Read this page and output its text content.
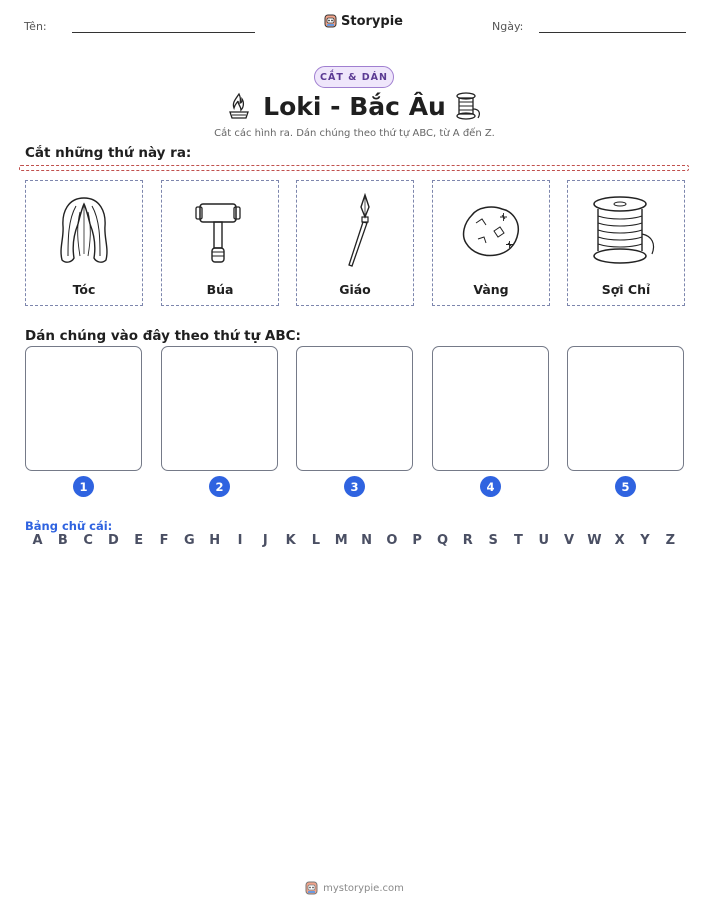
Tên:	Storypie	Ngày:
CẮT & DÁN
Loki - Bắc Âu
Cắt các hình ra. Dán chúng theo thứ tự ABC, từ A đến Z.
Cắt những thứ này ra:
Tóc	Búa	Giáo	Vàng	Sợi Chỉ
Dán chúng vào đây theo thứ tự ABC:
1	2	3	4	5
Bảng chữ cái:
A	B	C	D	E	F	G	H	I	J	K	L	M	N	O	P	Q	R	S	T	U	V	W	X	Y	Z
mystorypie.com
